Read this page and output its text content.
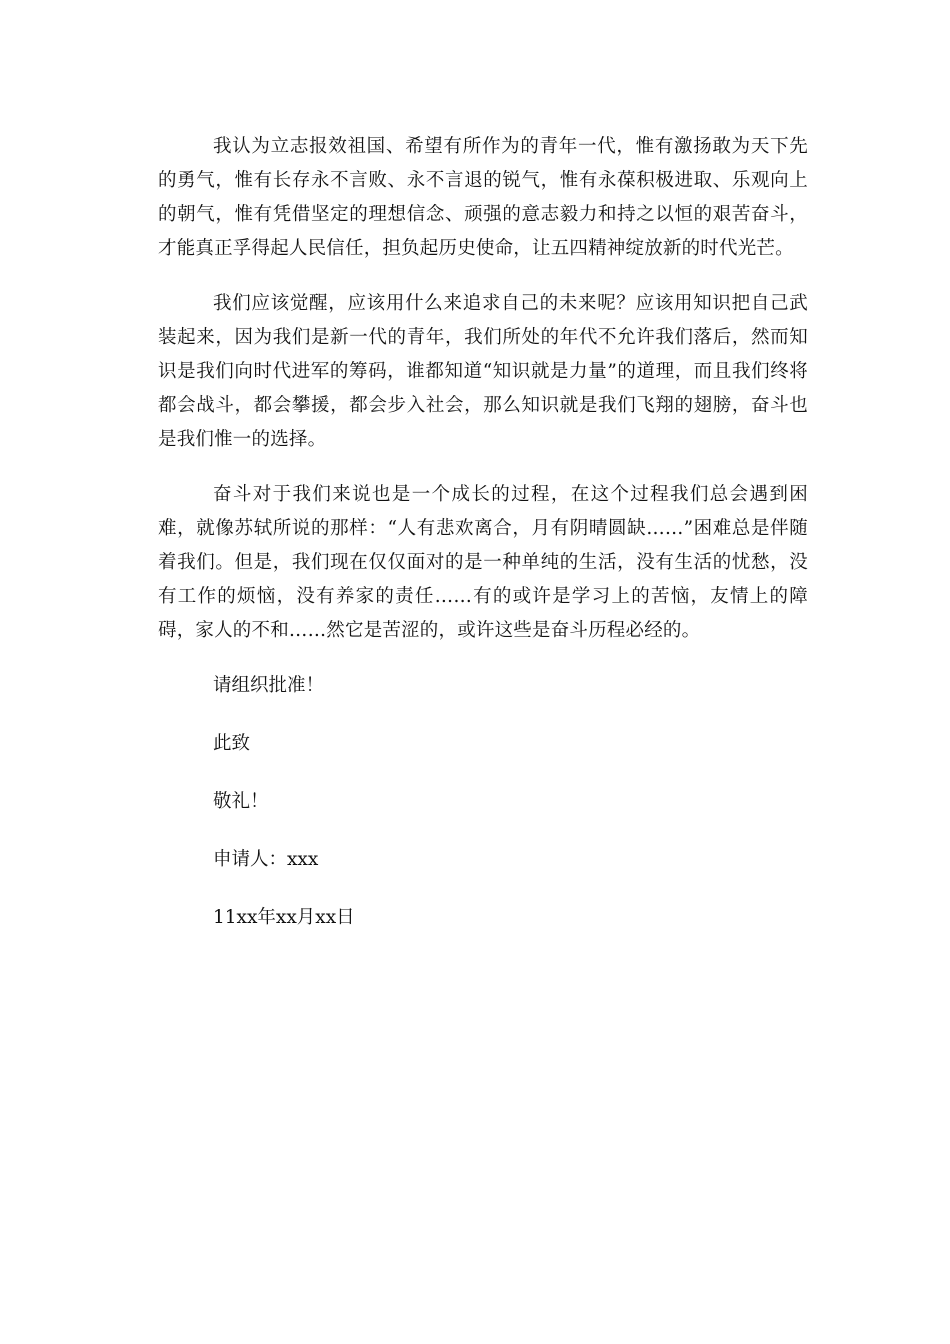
我认为立志报效祖国、希望有所作为的青年一代，惟有激扬敢为天下先的勇气，惟有长存永不言败、永不言退的锐气，惟有永葆积极进取、乐观向上的朝气，惟有凭借坚定的理想信念、顽强的意志毅力和持之以恒的艰苦奋斗，才能真正孚得起人民信任，担负起历史使命，让五四精神绽放新的时代光芒。

我们应该觉醒，应该用什么来追求自己的未来呢？应该用知识把自己武装起来，因为我们是新一代的青年，我们所处的年代不允许我们落后，然而知识是我们向时代进军的筹码，谁都知道“知识就是力量”的道理，而且我们终将都会战斗，都会攀援，都会步入社会，那么知识就是我们飞翔的翅膀，奋斗也是我们惟一的选择。

奋斗对于我们来说也是一个成长的过程，在这个过程我们总会遇到困难，就像苏轼所说的那样：“人有悲欢离合，月有阴晴圆缺……”困难总是伴随着我们。但是，我们现在仅仅面对的是一种单纯的生活，没有生活的忧愁，没有工作的烦恼，没有养家的责任……有的或许是学习上的苦恼，友情上的障碍，家人的不和……然它是苦涩的，或许这些是奋斗历程必经的。

请组织批准！

此致

敬礼！

申请人：xxx

11xx年xx月xx日
